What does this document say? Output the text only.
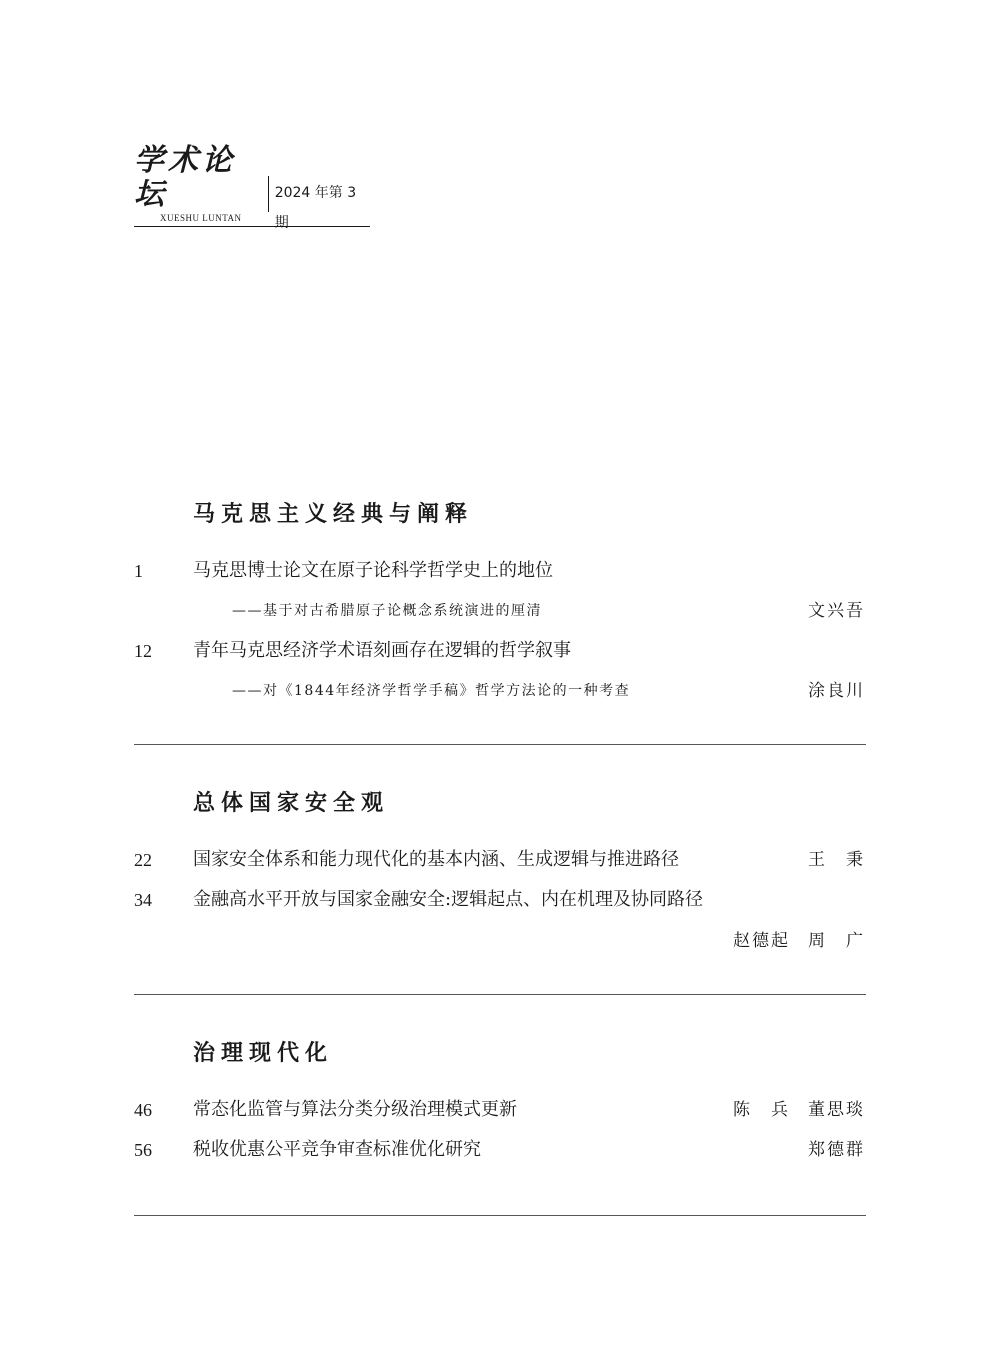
学术论坛	2024 年第 3 期
XUESHU LUNTAN
马克思主义经典与阐释
1	马克思博士论文在原子论科学哲学史上的地位
——基于对古希腊原子论概念系统演进的厘清	文兴吾
12 青年马克思经济学术语刻画存在逻辑的哲学叙事
——对《1844年经济学哲学手稿》哲学方法论的一种考查	涂良川
总体国家安全观
22 国家安全体系和能力现代化的基本内涵、生成逻辑与推进路径	王　秉
34 金融高水平开放与国家金融安全:逻辑起点、内在机理及协同路径
赵德起 周　广
治理现代化
46 常态化监管与算法分类分级治理模式更新	陈　兵 董思琰
56 税收优惠公平竞争审查标准优化研究	郑德群
